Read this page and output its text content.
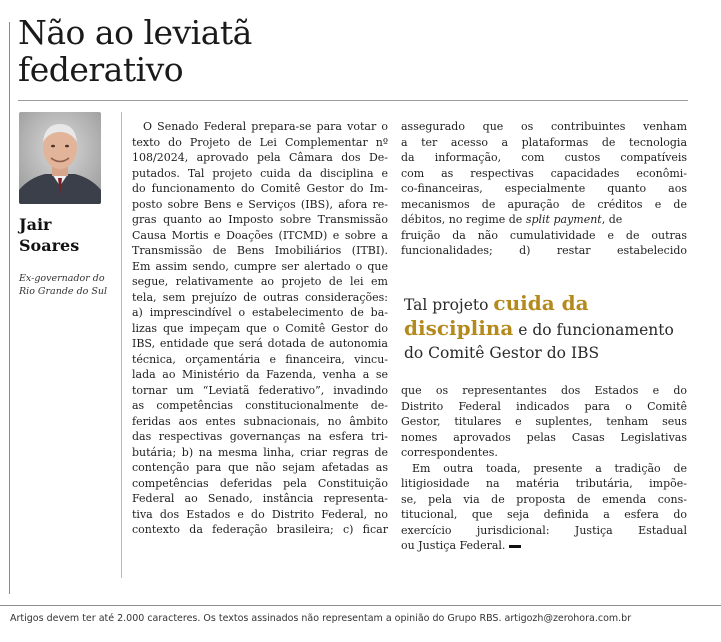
Não ao leviatã
federativo
Jair
Soares
Ex-governador do
Rio Grande do Sul
O Senado Federal prepara-se para votar o
texto do Projeto de Lei Complementar nº
108/2024, aprovado pela Câmara dos De-
putados. Tal projeto cuida da disciplina e
do funcionamento do Comitê Gestor do Im-
posto sobre Bens e Serviços (IBS), afora re-
gras quanto ao Imposto sobre Transmissão
Causa Mortis e Doações (ITCMD) e sobre a
Transmissão de Bens Imobiliários (ITBI).
Em assim sendo, cumpre ser alertado o que
segue, relativamente ao projeto de lei em
tela, sem prejuízo de outras considerações:
a) imprescindível o estabelecimento de ba-
lizas que impeçam que o Comitê Gestor do
IBS, entidade que será dotada de autonomia
técnica, orçamentária e financeira, vincu-
lada ao Ministério da Fazenda, venha a se
tornar um “Leviatã federativo”, invadindo
as competências constitucionalmente de-
feridas aos entes subnacionais, no âmbito
das respectivas governanças na esfera tri-
butária; b) na mesma linha, criar regras de
contenção para que não sejam afetadas as
competências deferidas pela Constituição
Federal ao Senado, instância representa-
tiva dos Estados e do Distrito Federal, no
contexto da federação brasileira; c) ficar
assegurado que os contribuintes venham
a ter acesso a plataformas de tecnologia
da informação, com custos compatíveis
com as respectivas capacidades econômi-
co-financeiras, especialmente quanto aos
mecanismos de apuração de créditos e de
débitos, no regime de split payment, de
fruição da não cumulatividade e de outras
funcionalidades; d) restar estabelecido
Tal projeto cuida da
disciplina e do funcionamento
do Comitê Gestor do IBS
que os representantes dos Estados e do
Distrito Federal indicados para o Comitê
Gestor, titulares e suplentes, tenham seus
nomes aprovados pelas Casas Legislativas
correspondentes.
Em outra toada, presente a tradição de
litigiosidade na matéria tributária, impõe-
se, pela via de proposta de emenda cons-
titucional, que seja definida a esfera do
exercício jurisdicional: Justiça Estadual
ou Justiça Federal.
Artigos devem ter até 2.000 caracteres. Os textos assinados não representam a opinião do Grupo RBS. artigozh@zerohora.com.br
